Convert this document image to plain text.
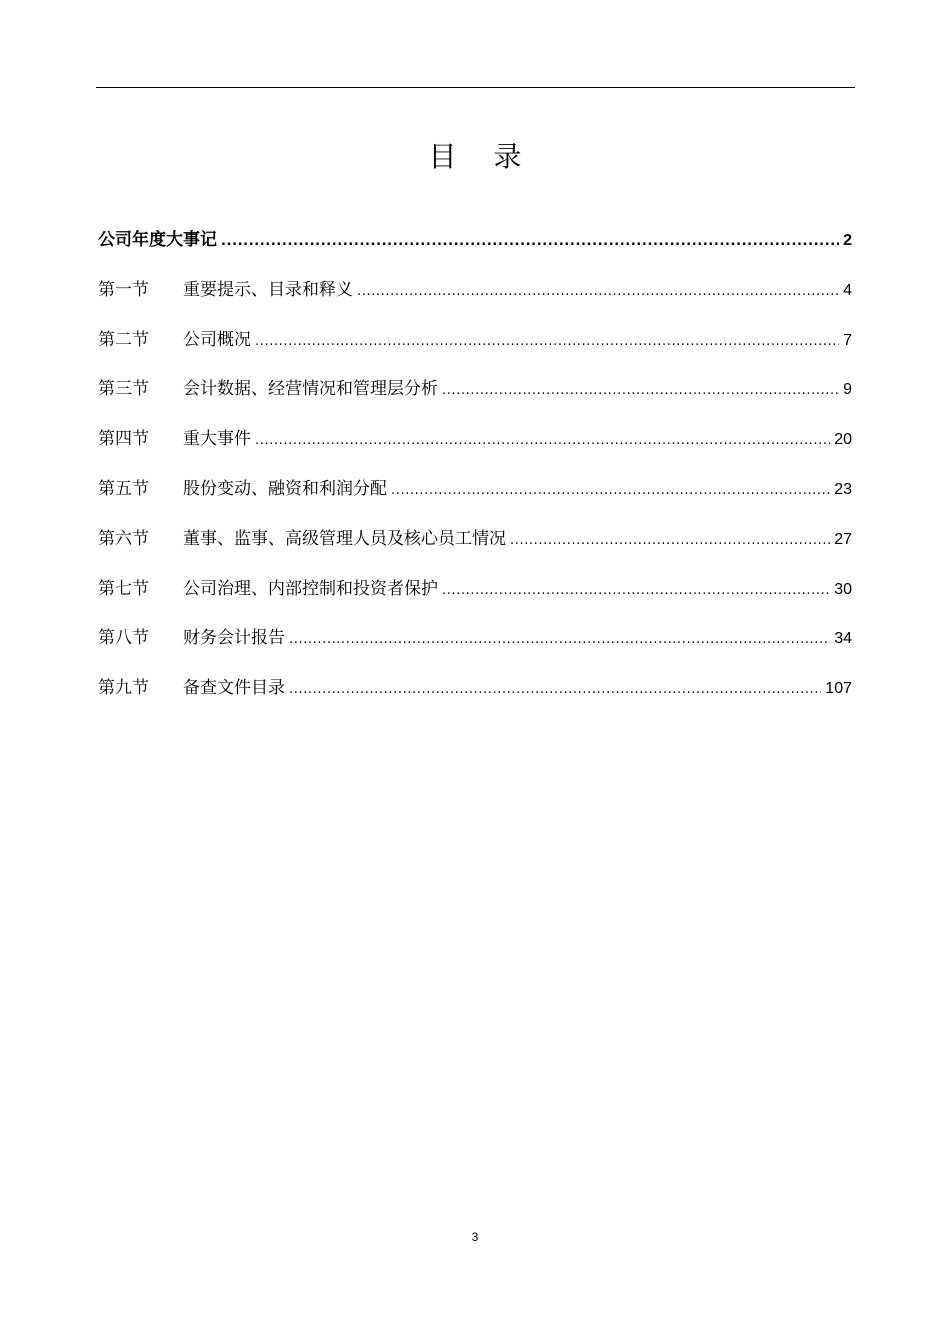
目 录
公司年度大事记 .....	2
第一节	重要提示、目录和释义 .....	4
第二节	公司概况 .....	7
第三节	会计数据、经营情况和管理层分析 .....	9
第四节	重大事件 .....	20
第五节	股份变动、融资和利润分配 .....	23
第六节	董事、监事、高级管理人员及核心员工情况 .....	27
第七节	公司治理、内部控制和投资者保护 .....	30
第八节	财务会计报告 .....	34
第九节	备查文件目录 .....	107
3
